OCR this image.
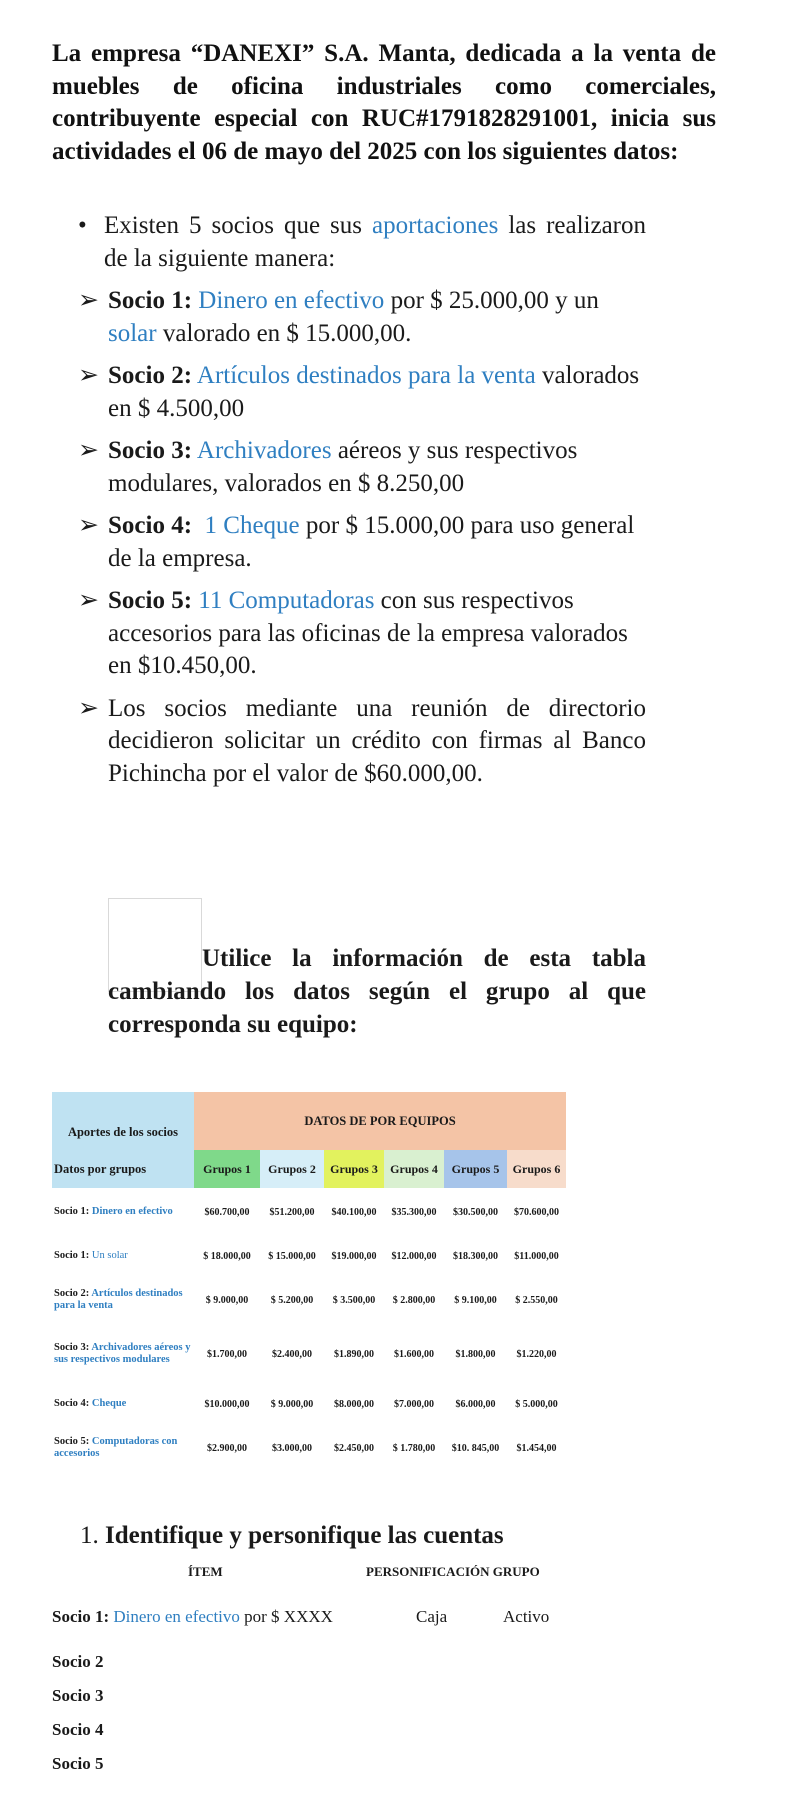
La empresa “DANEXI” S.A. Manta, dedicada a la venta de muebles de oficina industriales como comerciales, contribuyente especial con RUC#1791828291001, inicia sus actividades el 06 de mayo del 2025 con los siguientes datos:
• Existen 5 socios que sus aportaciones las realizaron de la siguiente manera:
➢ Socio 1: Dinero en efectivo por $ 25.000,00 y un solar valorado en $ 15.000,00.
➢ Socio 2: Artículos destinados para la venta valorados en $ 4.500,00
➢ Socio 3: Archivadores aéreos y sus respectivos modulares, valorados en $ 8.250,00
➢ Socio 4: 1 Cheque por $ 15.000,00 para uso general de la empresa.
➢ Socio 5: 11 Computadoras con sus respectivos accesorios para las oficinas de la empresa valorados en $10.450,00.
➢ Los socios mediante una reunión de directorio decidieron solicitar un crédito con firmas al Banco Pichincha por el valor de $60.000,00.
Utilice la información de esta tabla cambiando los datos según el grupo al que corresponda su equipo:
Aportes de los socios	DATOS DE POR EQUIPOS					
Datos por grupos	Grupos 1	Grupos 2	Grupos 3	Grupos 4	Grupos 5	Grupos 6
Socio 1: Dinero en efectivo	$60.700,00	$51.200,00	$40.100,00	$35.300,00	$30.500,00	$70.600,00
Socio 1: Un solar	$ 18.000,00	$ 15.000,00	$19.000,00	$12.000,00	$18.300,00	$11.000,00
Socio 2: Artículos destinados para la venta	$ 9.000,00	$ 5.200,00	$ 3.500,00	$ 2.800,00	$ 9.100,00	$ 2.550,00
Socio 3: Archivadores aéreos y sus respectivos modulares	$1.700,00	$2.400,00	$1.890,00	$1.600,00	$1.800,00	$1.220,00
Socio 4: Cheque	$10.000,00	$ 9.000,00	$8.000,00	$7.000,00	$6.000,00	$ 5.000,00
Socio 5: Computadoras con accesorios	$2.900,00	$3.000,00	$2.450,00	$ 1.780,00	$10. 845,00	$1.454,00
1. Identifique y personifique las cuentas
ÍTEM	PERSONIFICACIÓN GRUPO
Socio 1: Dinero en efectivo por $ XXXX	Caja	Activo
Socio 2
Socio 3
Socio 4
Socio 5
